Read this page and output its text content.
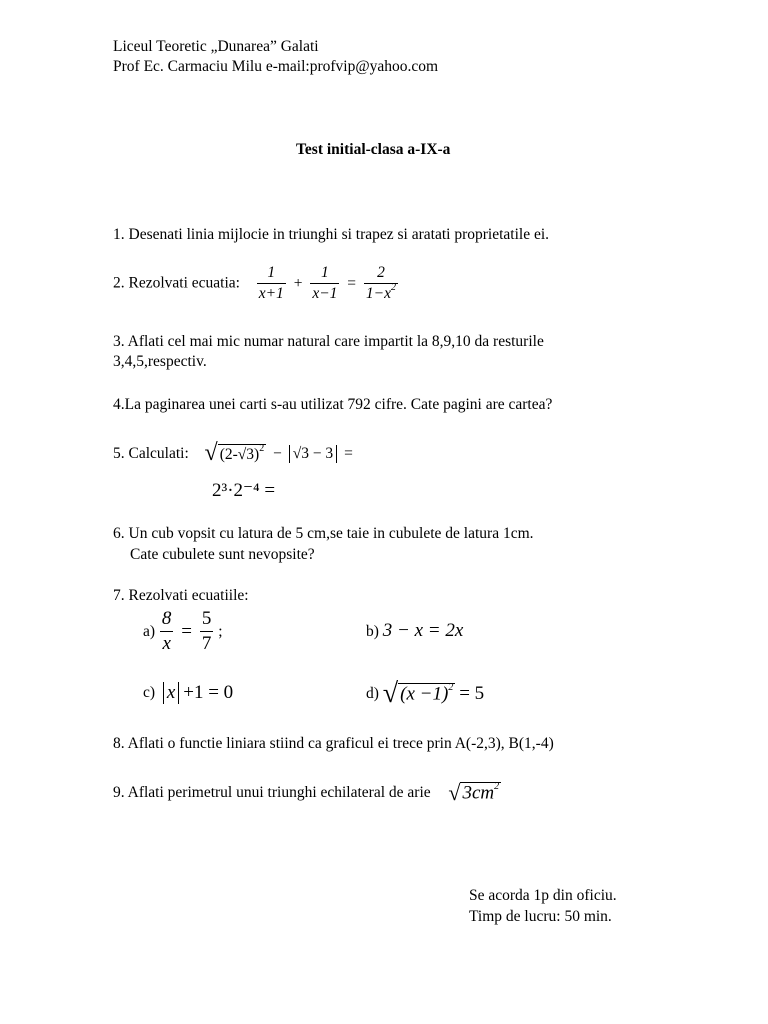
Liceul Teoretic „Dunarea” Galati
Prof Ec. Carmaciu Milu e-mail:profvip@yahoo.com
Test initial-clasa a-IX-a
1. Desenati linia mijlocie in triunghi si trapez si aratati proprietatile ei.
2. Rezolvati ecuatia: $\frac{1}{x+1} + \frac{1}{x-1} = \frac{2}{1-x^2}$
3. Aflati cel mai mic numar natural care impartit la 8,9,10 da resturile
3,4,5,respectiv.
4.La paginarea unei carti s-au utilizat 792 cifre. Cate pagini are cartea?
5. Calculati: √ $(2-√3)^2 - √3 - 3$ =
2³·2⁻⁴ =
6. Un cub vopsit cu latura de 5 cm,se taie in cubulete de latura 1cm.
Cate cubulete sunt nevopsite?
7. Rezolvati ecuatiile:
$a) \frac{8}{x} = \frac{5}{7}$ ;	b) 3 − x = 2x
c) x +1 = 0	d) √ $(x -1)^2 = 5$
8. Aflati o functie liniara stiind ca graficul ei trece prin A(-2,3), B(1,-4)
9. Aflati perimetrul unui triunghi echilateral de arie √ $3cm^2$
Se acorda 1p din oficiu.
Timp de lucru: 50 min.
